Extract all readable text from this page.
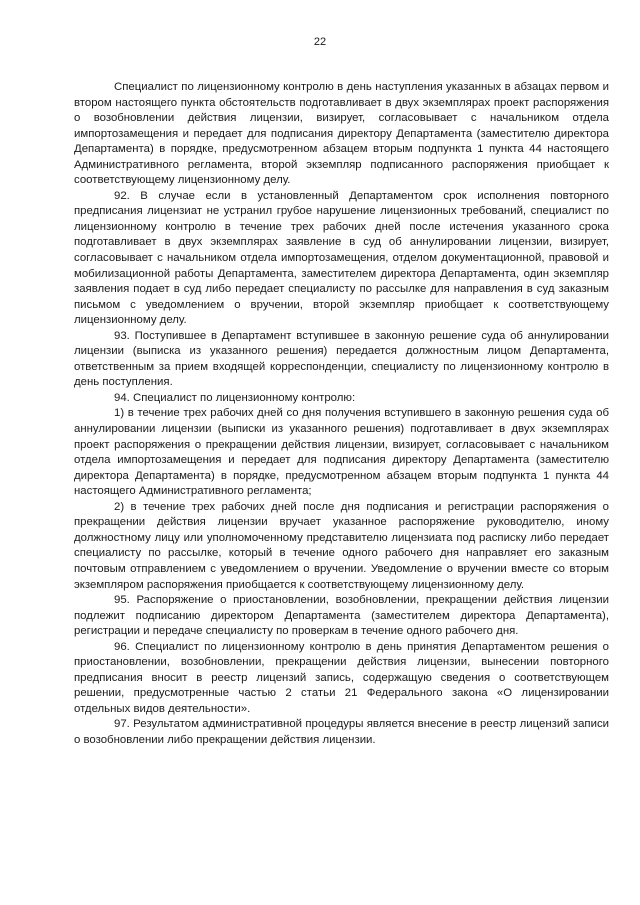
22

Специалист по лицензионному контролю в день наступления указанных в абзацах первом и втором настоящего пункта обстоятельств подготавливает в двух экземплярах проект распоряжения о возобновлении действия лицензии, визирует, согласовывает с начальником отдела импортозамещения и передает для подписания директору Департамента (заместителю директора Департамента) в порядке, предусмотренном абзацем вторым подпункта 1 пункта 44 настоящего Административного регламента, второй экземпляр подписанного распоряжения приобщает к соответствующему лицензионному делу.

92. В случае если в установленный Департаментом срок исполнения повторного предписания лицензиат не устранил грубое нарушение лицензионных требований, специалист по лицензионному контролю в течение трех рабочих дней после истечения указанного срока подготавливает в двух экземплярах заявление в суд об аннулировании лицензии, визирует, согласовывает с начальником отдела импортозамещения, отделом документационной, правовой и мобилизационной работы Департамента, заместителем директора Департамента, один экземпляр заявления подает в суд либо передает специалисту по рассылке для направления в суд заказным письмом с уведомлением о вручении, второй экземпляр приобщает к соответствующему лицензионному делу.

93. Поступившее в Департамент вступившее в законную решение суда об аннулировании лицензии (выписка из указанного решения) передается должностным лицом Департамента, ответственным за прием входящей корреспонденции, специалисту по лицензионному контролю в день поступления.

94. Специалист по лицензионному контролю:

1) в течение трех рабочих дней со дня получения вступившего в законную решения суда об аннулировании лицензии (выписки из указанного решения) подготавливает в двух экземплярах проект распоряжения о прекращении действия лицензии, визирует, согласовывает с начальником отдела импортозамещения и передает для подписания директору Департамента (заместителю директора Департамента) в порядке, предусмотренном абзацем вторым подпункта 1 пункта 44 настоящего Административного регламента;

2) в течение трех рабочих дней после дня подписания и регистрации распоряжения о прекращении действия лицензии вручает указанное распоряжение руководителю, иному должностному лицу или уполномоченному представителю лицензиата под расписку либо передает специалисту по рассылке, который в течение одного рабочего дня направляет его заказным почтовым отправлением с уведомлением о вручении. Уведомление о вручении вместе со вторым экземпляром распоряжения приобщается к соответствующему лицензионному делу.

95. Распоряжение о приостановлении, возобновлении, прекращении действия лицензии подлежит подписанию директором Департамента (заместителем директора Департамента), регистрации и передаче специалисту по проверкам в течение одного рабочего дня.

96. Специалист по лицензионному контролю в день принятия Департаментом решения о приостановлении, возобновлении, прекращении действия лицензии, вынесении повторного предписания вносит в реестр лицензий запись, содержащую сведения о соответствующем решении, предусмотренные частью 2 статьи 21 Федерального закона «О лицензировании отдельных видов деятельности».

97. Результатом административной процедуры является внесение в реестр лицензий записи о возобновлении либо прекращении действия лицензии.
